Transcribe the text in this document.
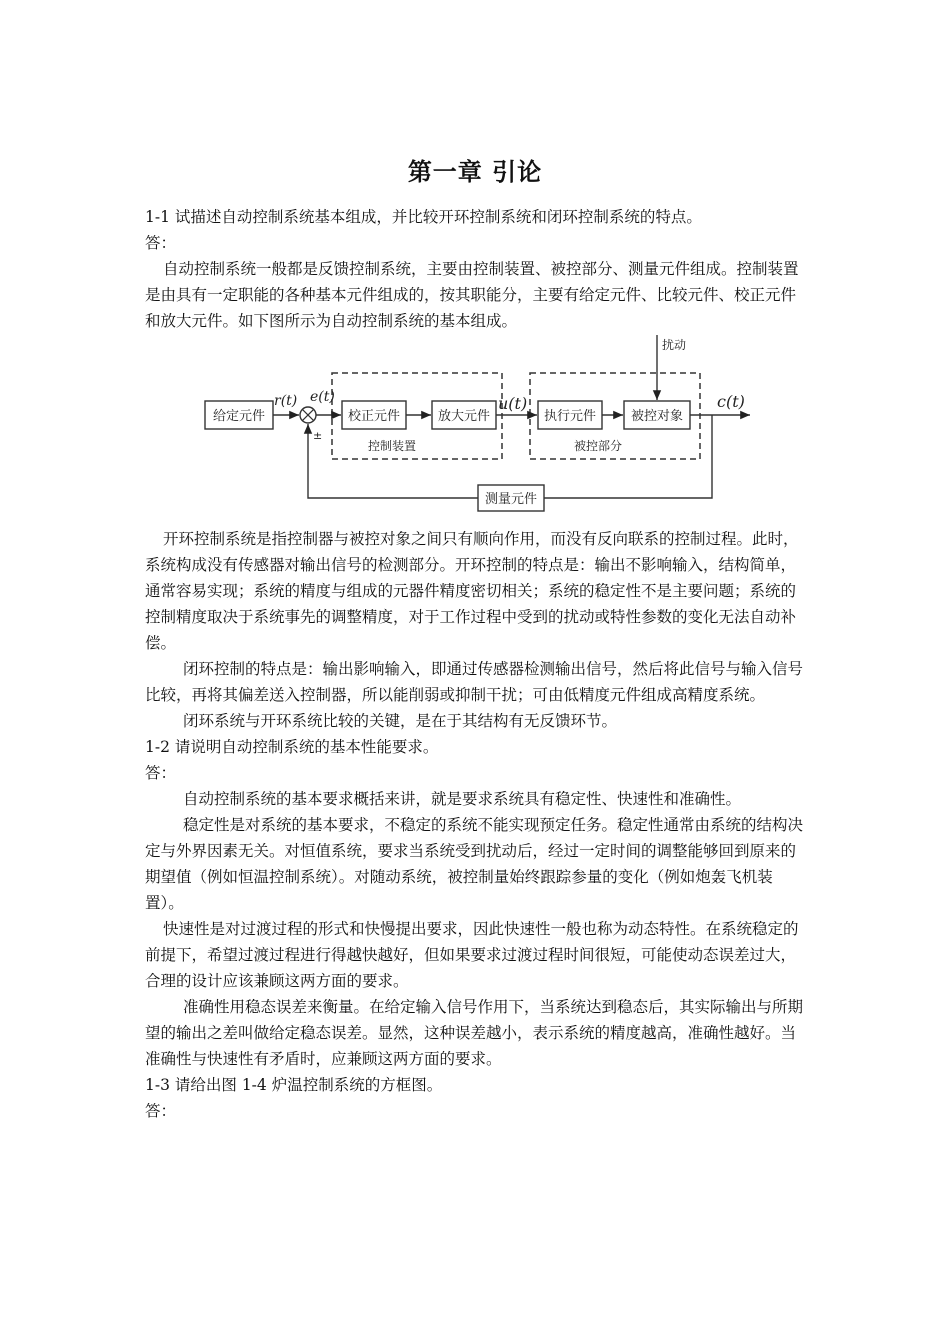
第一章 引论

1-1 试描述自动控制系统基本组成，并比较开环控制系统和闭环控制系统的特点。

答：

自动控制系统一般都是反馈控制系统，主要由控制装置、被控部分、测量元件组成。控制装置是由具有一定职能的各种基本元件组成的，按其职能分，主要有给定元件、比较元件、校正元件和放大元件。如下图所示为自动控制系统的基本组成。

给定元件	校正元件	放大元件	执行元件	被控对象
测量元件
控制装置	被控部分
扰动
r(t) e(t)	u(t)	c(t)
±

开环控制系统是指控制器与被控对象之间只有顺向作用，而没有反向联系的控制过程。此时，系统构成没有传感器对输出信号的检测部分。开环控制的特点是：输出不影响输入，结构简单，通常容易实现；系统的精度与组成的元器件精度密切相关；系统的稳定性不是主要问题；系统的控制精度取决于系统事先的调整精度，对于工作过程中受到的扰动或特性参数的变化无法自动补偿。

闭环控制的特点是：输出影响输入，即通过传感器检测输出信号，然后将此信号与输入信号比较，再将其偏差送入控制器，所以能削弱或抑制干扰；可由低精度元件组成高精度系统。

闭环系统与开环系统比较的关键，是在于其结构有无反馈环节。

1-2 请说明自动控制系统的基本性能要求。

答：

自动控制系统的基本要求概括来讲，就是要求系统具有稳定性、快速性和准确性。

稳定性是对系统的基本要求，不稳定的系统不能实现预定任务。稳定性通常由系统的结构决定与外界因素无关。对恒值系统，要求当系统受到扰动后，经过一定时间的调整能够回到原来的期望值（例如恒温控制系统）。对随动系统，被控制量始终跟踪参量的变化（例如炮轰飞机装置）。

快速性是对过渡过程的形式和快慢提出要求，因此快速性一般也称为动态特性。在系统稳定的前提下，希望过渡过程进行得越快越好，但如果要求过渡过程时间很短，可能使动态误差过大，合理的设计应该兼顾这两方面的要求。

准确性用稳态误差来衡量。在给定输入信号作用下，当系统达到稳态后，其实际输出与所期望的输出之差叫做给定稳态误差。显然，这种误差越小，表示系统的精度越高，准确性越好。当准确性与快速性有矛盾时，应兼顾这两方面的要求。

1-3 请给出图 1-4 炉温控制系统的方框图。

答：
